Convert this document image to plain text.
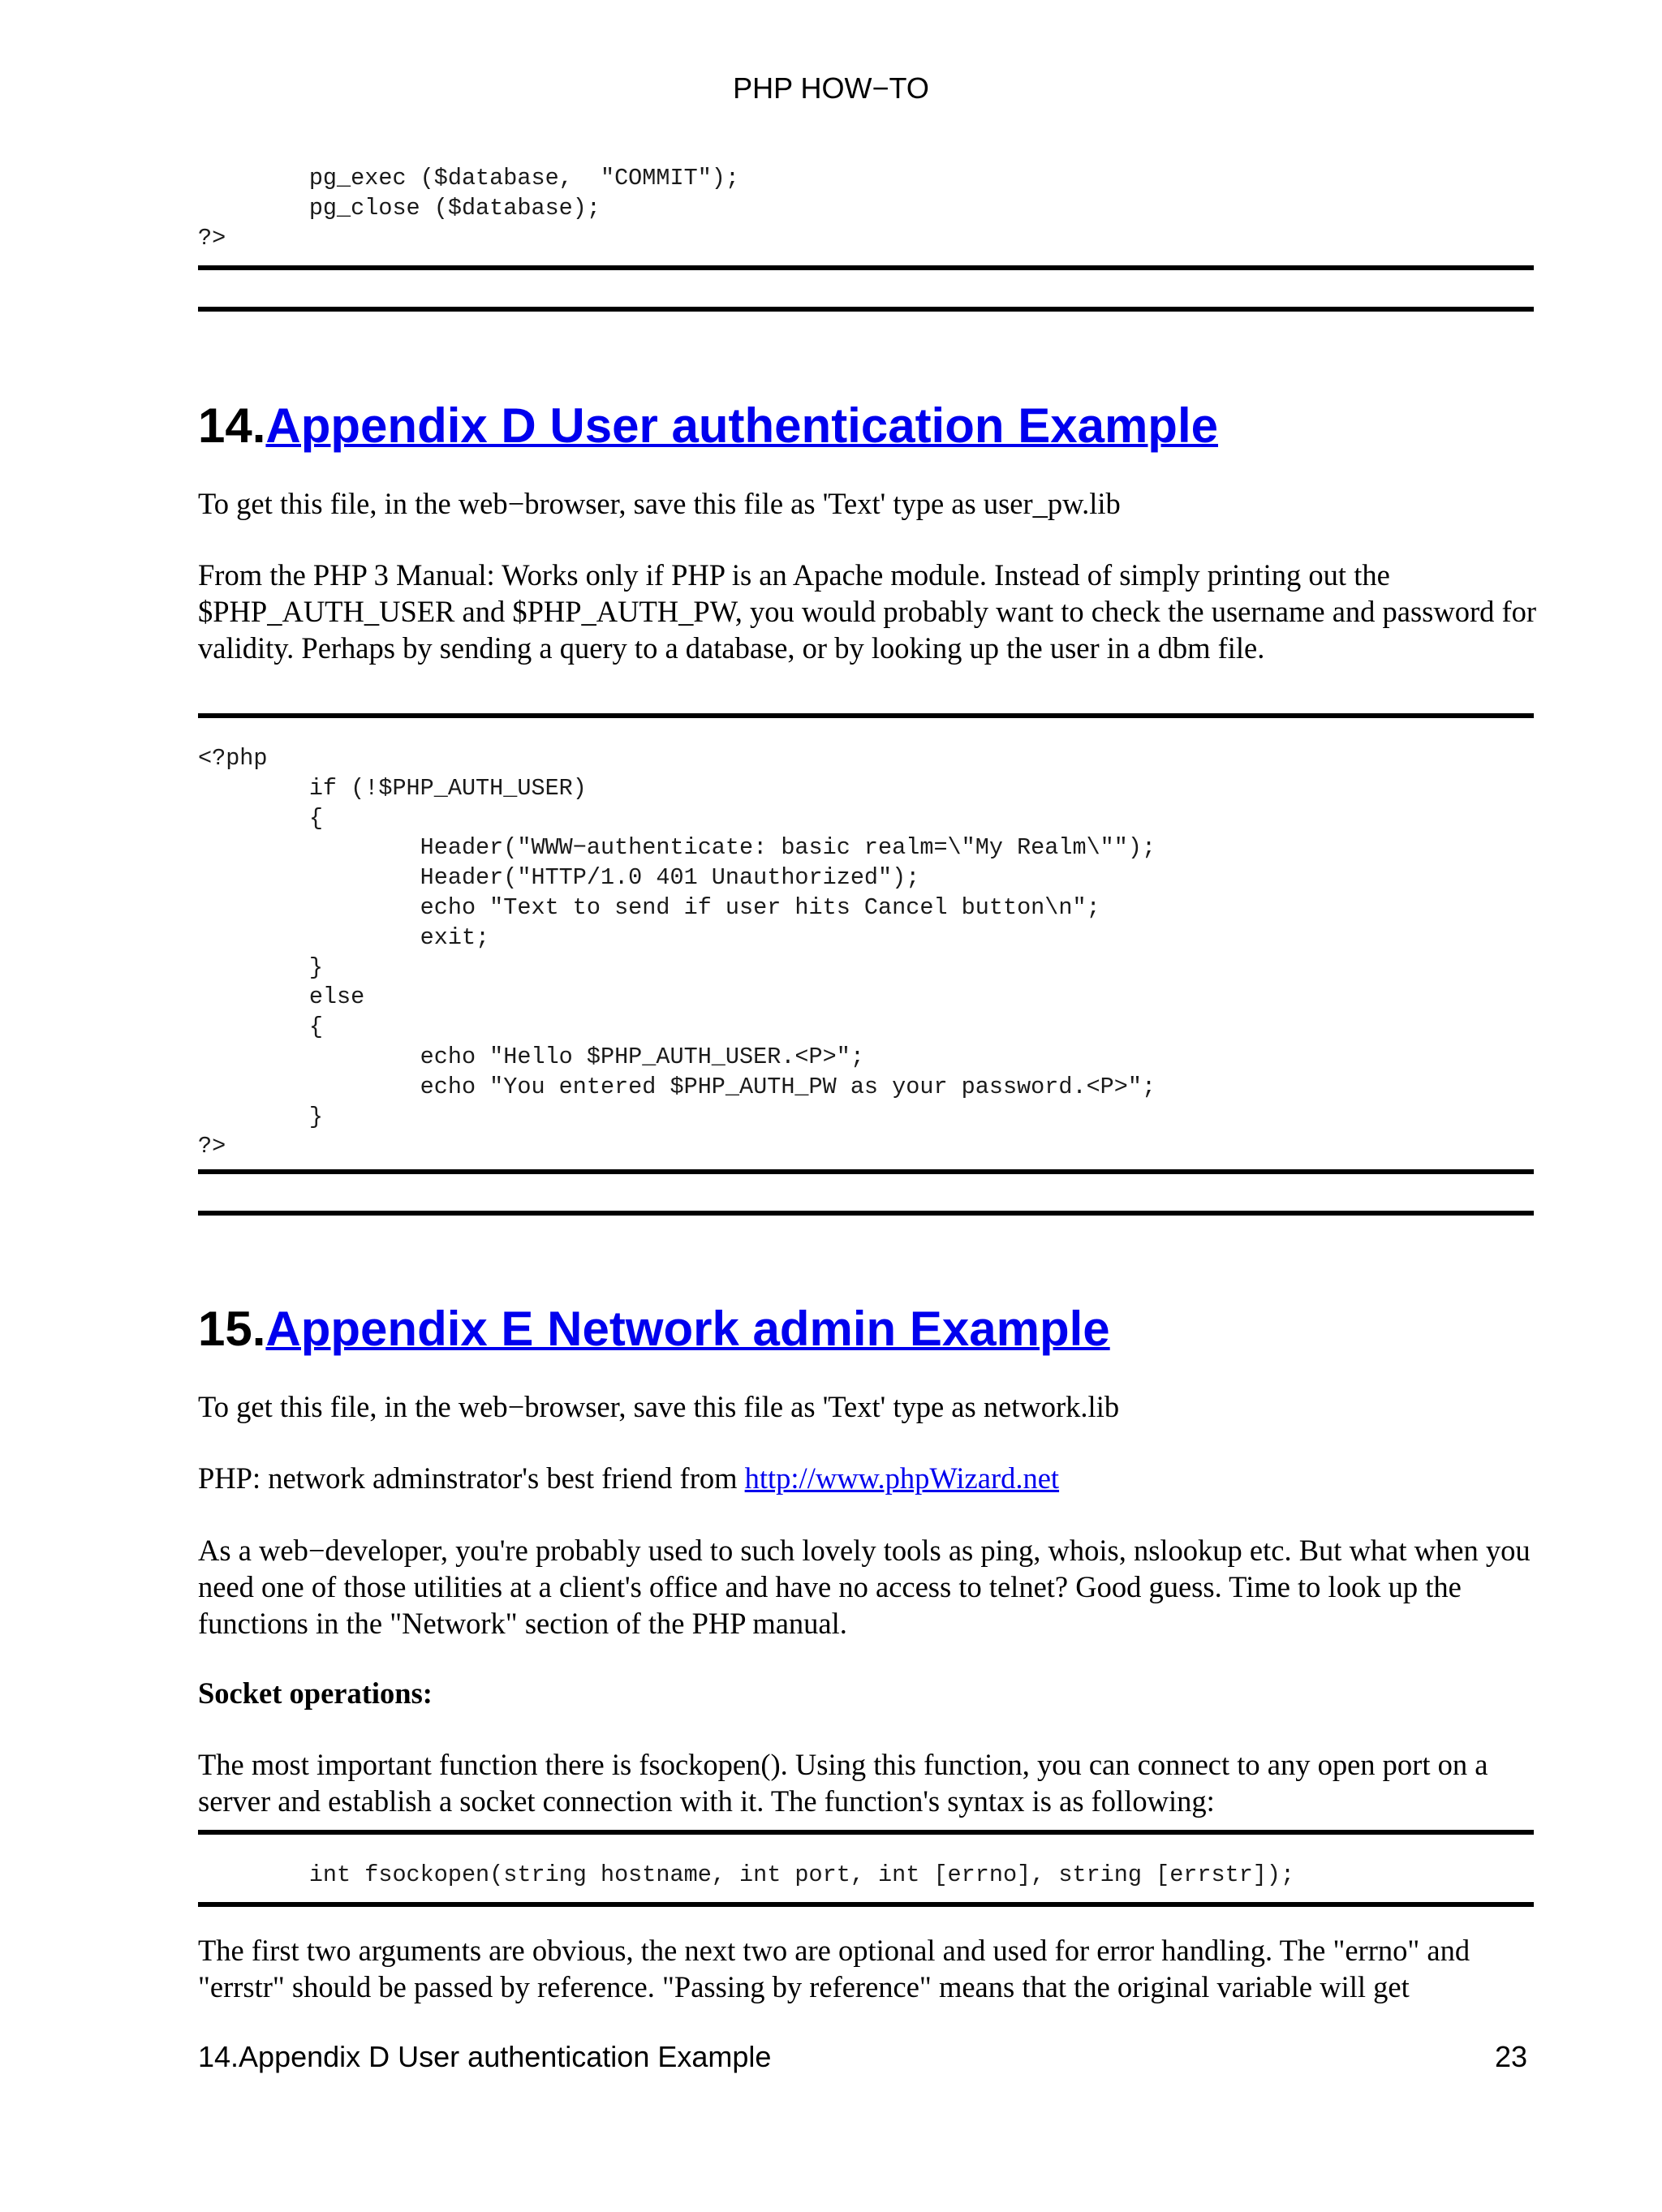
PHP HOW−TO
pg_exec ($database,  "COMMIT");
pg_close ($database);
?>
14.Appendix D User authentication Example
To get this file, in the web−browser, save this file as 'Text' type as user_pw.lib
From the PHP 3 Manual: Works only if PHP is an Apache module. Instead of simply printing out the $PHP_AUTH_USER and $PHP_AUTH_PW, you would probably want to check the username and password for validity. Perhaps by sending a query to a database, or by looking up the user in a dbm file.
<?php
if (!$PHP_AUTH_USER)
{
Header("WWW−authenticate: basic realm=\"My Realm\"");
Header("HTTP/1.0 401 Unauthorized");
echo "Text to send if user hits Cancel button\n";
exit;
}
else
{
echo "Hello $PHP_AUTH_USER.<P>";
echo "You entered $PHP_AUTH_PW as your password.<P>";
}
?>
15.Appendix E Network admin Example
To get this file, in the web−browser, save this file as 'Text' type as network.lib
PHP: network adminstrator's best friend from http://www.phpWizard.net
As a web−developer, you're probably used to such lovely tools as ping, whois, nslookup etc. But what when you need one of those utilities at a client's office and have no access to telnet? Good guess. Time to look up the functions in the "Network" section of the PHP manual.
Socket operations:
The most important function there is fsockopen(). Using this function, you can connect to any open port on a server and establish a socket connection with it. The function's syntax is as following:
int fsockopen(string hostname, int port, int [errno], string [errstr]);
The first two arguments are obvious, the next two are optional and used for error handling. The "errno" and "errstr" should be passed by reference. "Passing by reference" means that the original variable will get
14.Appendix D User authentication Example	23
